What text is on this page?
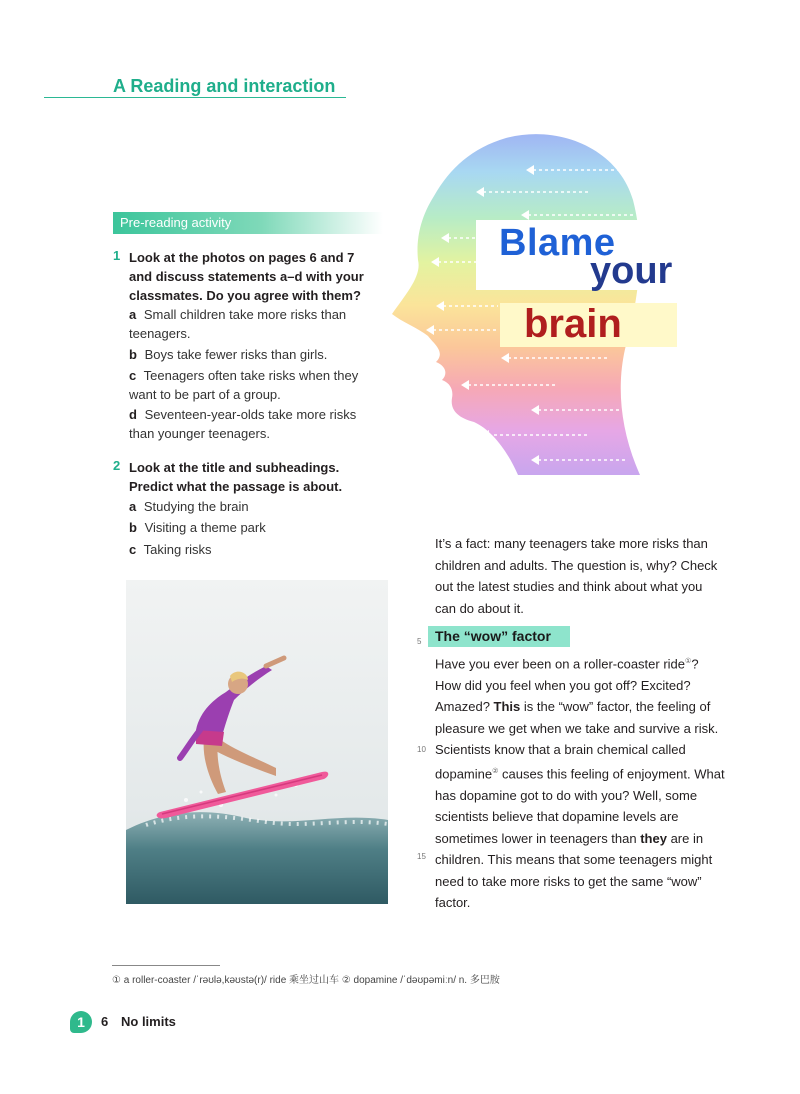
A Reading and interaction
Pre-reading activity
1 Look at the photos on pages 6 and 7 and discuss statements a–d with your classmates. Do you agree with them?
a Small children take more risks than teenagers.
b Boys take fewer risks than girls.
c Teenagers often take risks when they want to be part of a group.
d Seventeen-year-olds take more risks than younger teenagers.
2 Look at the title and subheadings. Predict what the passage is about.
a Studying the brain
b Visiting a theme park
c Taking risks
Blame
your
brain
It’s a fact: many teenagers take more risks than children and adults. The question is, why? Check out the latest studies and think about what you can do about it.
5 The “wow” factor
Have you ever been on a roller-coaster ride①? How did you feel when you got off? Excited? Amazed? This is the “wow” factor, the feeling of pleasure we get when we take and survive a risk. Scientists know that a brain chemical called dopamine② causes this feeling of enjoyment. What has dopamine got to do with you? Well, some scientists believe that dopamine levels are sometimes lower in teenagers than they are in children. This means that some teenagers might need to take more risks to get the same “wow” factor.
10
15
① a roller-coaster /ˈrəʊlə,kəʊstə(r)/ ride 乘坐过山车 ② dopamine /ˈdəʊpəmiːn/ n. 多巴胺
1	6 No limits
